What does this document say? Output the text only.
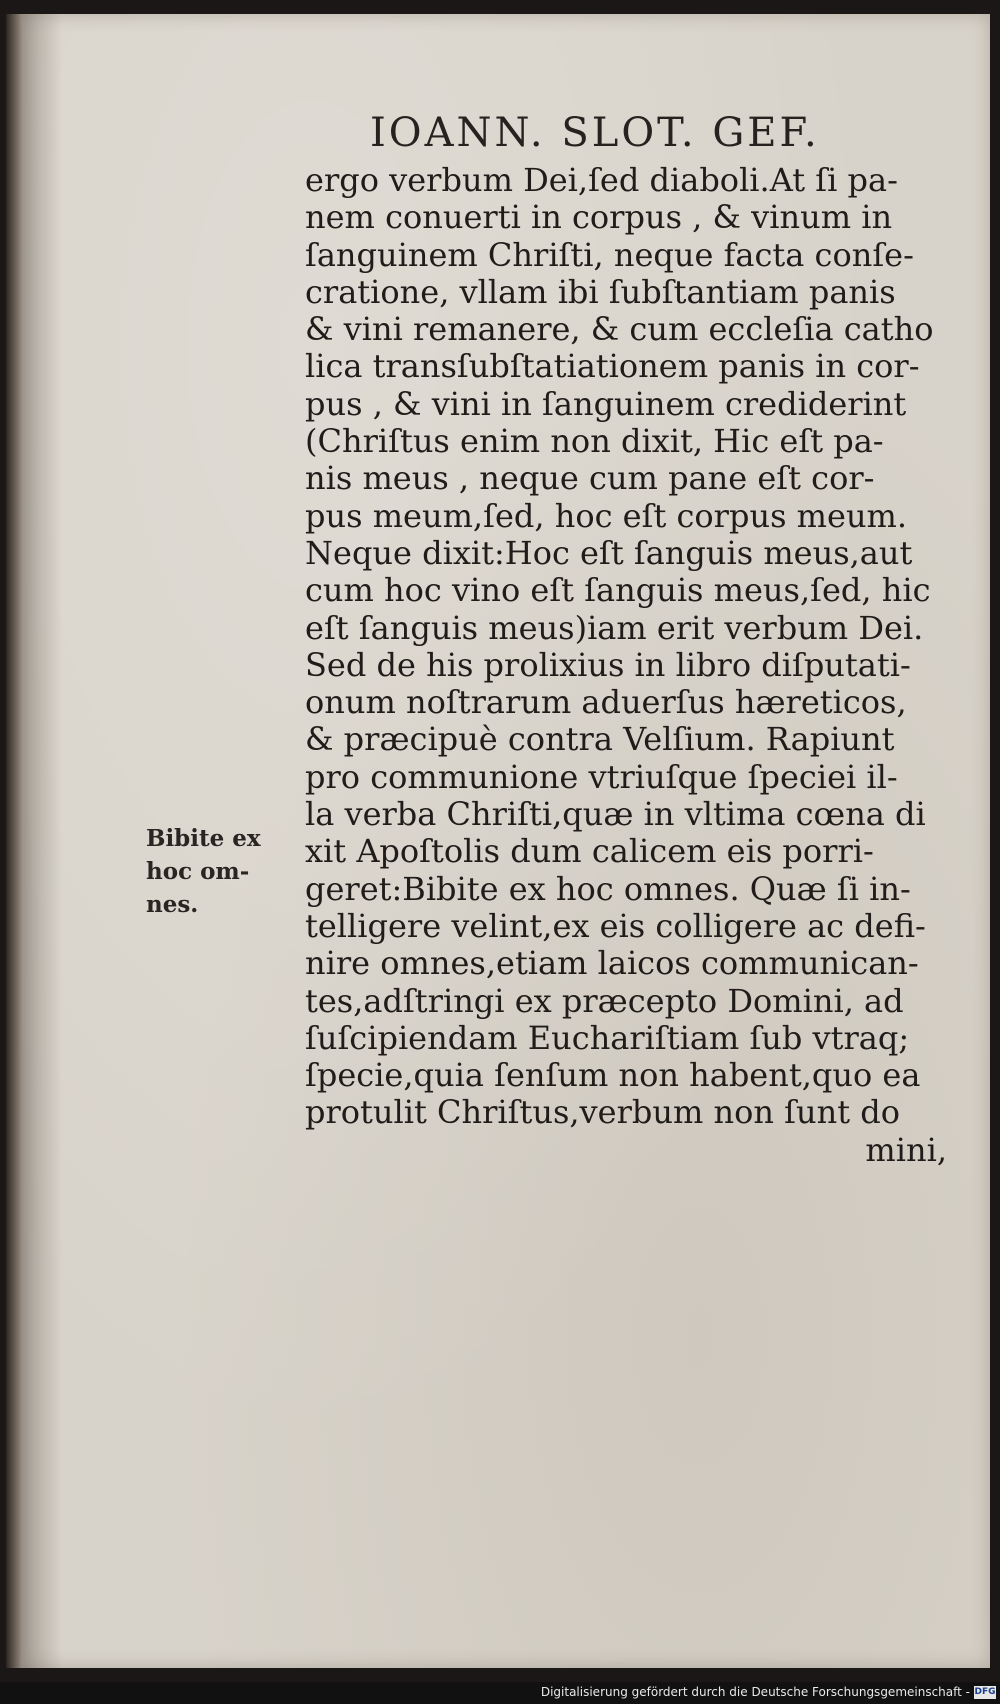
IOANN. SLOT. GEF.
ergo verbum Dei,ſed diaboli.At ſi pa-
nem conuerti in corpus , & vinum in
ſanguinem Chriſti, neque facta conſe-
cratione, vllam ibi ſubſtantiam panis
& vini remanere, & cum eccleſia catho
lica transſubſtatiationem panis in cor-
pus , & vini in ſanguinem crediderint
(Chriſtus enim non dixit, Hic eſt pa-
nis meus , neque cum pane eſt cor-
pus meum,ſed, hoc eſt corpus meum.
Neque dixit:Hoc eſt ſanguis meus,aut
cum hoc vino eſt ſanguis meus,ſed, hic
eſt ſanguis meus)iam erit verbum Dei.
Sed de his prolixius in libro diſputati-
onum noſtrarum aduerſus hæreticos,
& præcipuè contra Velſium. Rapiunt
pro communione vtriuſque ſpeciei il-
la verba Chriſti,quæ in vltima cœna di
xit Apoſtolis dum calicem eis porri-
geret:Bibite ex hoc omnes. Quæ ſi in-
telligere velint,ex eis colligere ac defi-
nire omnes,etiam laicos communican-
tes,adſtringi ex præcepto Domini, ad
ſuſcipiendam Euchariſtiam ſub vtraq;
ſpecie,quia ſenſum non habent,quo ea
protulit Chriſtus,verbum non ſunt do
mini,
Bibite ex
hoc om-
nes.
Digitalisierung gefördert durch die Deutsche Forschungsgemeinschaft - DFG
